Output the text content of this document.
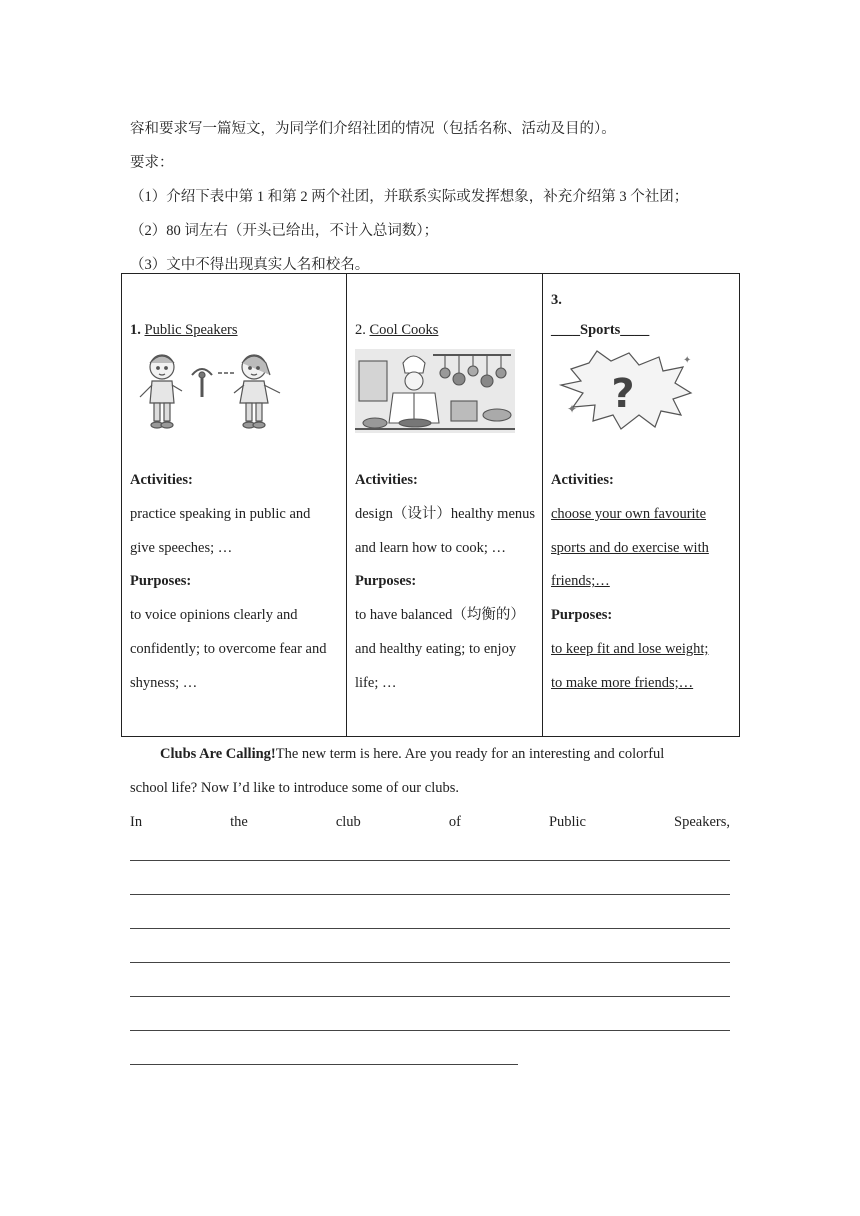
容和要求写一篇短文，为同学们介绍社团的情况（包括名称、活动及目的）。
要求：
（1）介绍下表中第 1 和第 2 两个社团，并联系实际或发挥想象，补充介绍第 3 个社团；
（2）80 词左右（开头已给出，不计入总词数）；
（3）文中不得出现真实人名和校名。
1. Public Speakers
Activities:
practice speaking in public and
give speeches; …
Purposes:
to voice opinions clearly and
confidently; to overcome fear and
shyness; …

2. Cool Cooks
Activities:
design（设计）healthy menus
and learn how to cook; …
Purposes:
to have balanced（均衡的）
and healthy eating; to enjoy
life; …

3.
____Sports____
?
✦
✦
Activities:
choose your own favourite
sports and do exercise with
friends;…
Purposes:
to keep fit and lose weight;
to make more friends;…

Clubs Are Calling!The new term is here. Are you ready for an interesting and colorful

school life? Now I’d like to introduce some of our clubs.

In	the	club	of	Public	Speakers,
